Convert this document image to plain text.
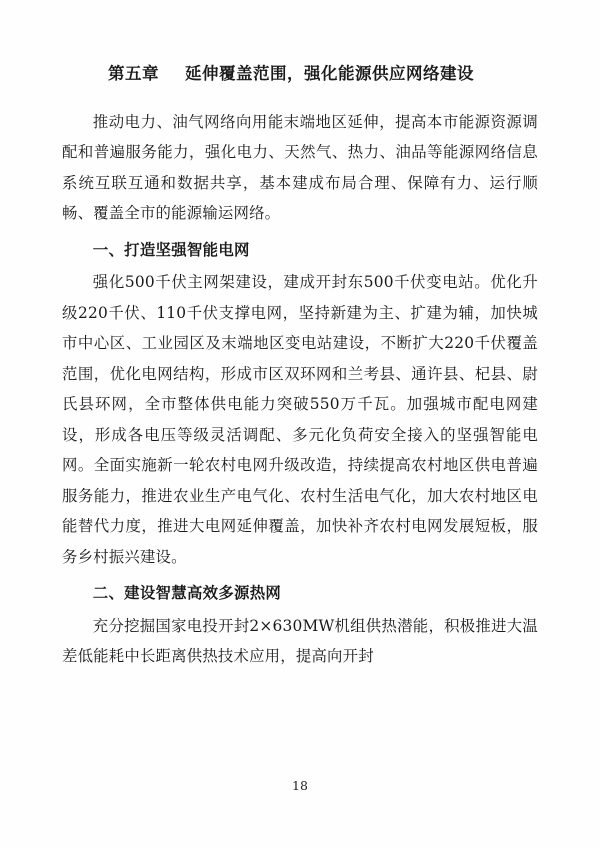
第五章 延伸覆盖范围，强化能源供应网络建设

推动电力、油气网络向用能末端地区延伸，提高本市能源资源调配和普遍服务能力，强化电力、天然气、热力、油品等能源网络信息系统互联互通和数据共享，基本建成布局合理、保障有力、运行顺畅、覆盖全市的能源输运网络。

一、打造坚强智能电网

强化500千伏主网架建设，建成开封东500千伏变电站。优化升级220千伏、110千伏支撑电网，坚持新建为主、扩建为辅，加快城市中心区、工业园区及末端地区变电站建设，不断扩大220千伏覆盖范围，优化电网结构，形成市区双环网和兰考县、通许县、杞县、尉氏县环网，全市整体供电能力突破550万千瓦。加强城市配电网建设，形成各电压等级灵活调配、多元化负荷安全接入的坚强智能电网。全面实施新一轮农村电网升级改造，持续提高农村地区供电普遍服务能力，推进农业生产电气化、农村生活电气化，加大农村地区电能替代力度，推进大电网延伸覆盖，加快补齐农村电网发展短板，服务乡村振兴建设。

二、建设智慧高效多源热网

充分挖掘国家电投开封2×630MW机组供热潜能，积极推进大温差低能耗中长距离供热技术应用，提高向开封

18
